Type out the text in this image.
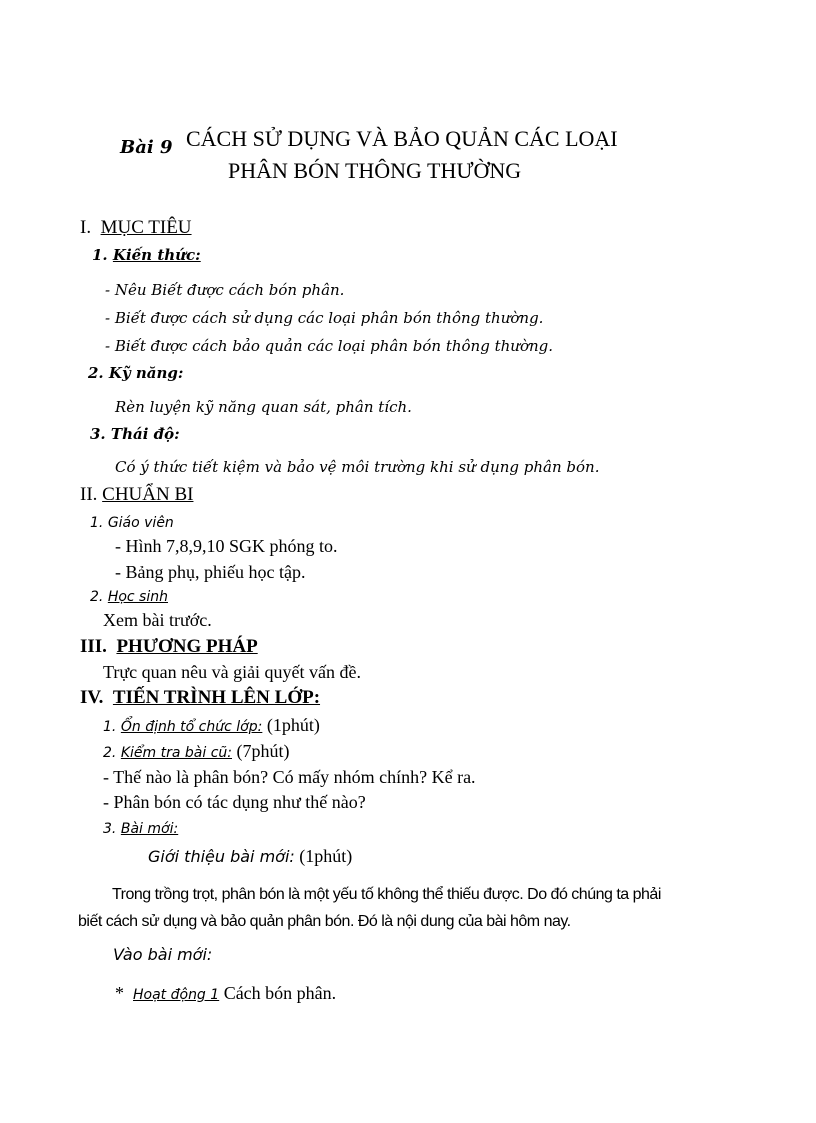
Bài 9 CÁCH SỬ DỤNG VÀ BẢO QUẢN CÁC LOẠI
PHÂN BÓN THÔNG THƯỜNG
I. MỤC TIÊU
1. Kiến thức:
- Nêu Biết được cách bón phân.
- Biết được cách sử dụng các loại phân bón thông thường.
- Biết được cách bảo quản các loại phân bón thông thường.
2. Kỹ năng:
Rèn luyện kỹ năng quan sát, phân tích.
3. Thái độ:
Có ý thức tiết kiệm và bảo vệ môi trường khi sử dụng phân bón.
II. CHUẨN BI
1. Giáo viên
- Hình 7,8,9,10 SGK phóng to.
- Bảng phụ, phiếu học tập.
2. Học sinh
Xem bài trước.
III. PHƯƠNG PHÁP
Trực quan nêu và giải quyết vấn đề.
IV. TIẾN TRÌNH LÊN LỚP:
1. Ổn định tổ chức lớp: (1phút)
2. Kiểm tra bài cũ: (7phút)
- Thế nào là phân bón? Có mấy nhóm chính? Kể ra.
- Phân bón có tác dụng như thế nào?
3. Bài mới:
Giới thiệu bài mới: (1phút)
Trong trồng trọt, phân bón là một yếu tố không thể thiếu được. Do đó chúng ta phải
biết cách sử dụng và bảo quản phân bón. Đó là nội dung của bài hôm nay.
Vào bài mới:
* Hoạt động 1 Cách bón phân.
